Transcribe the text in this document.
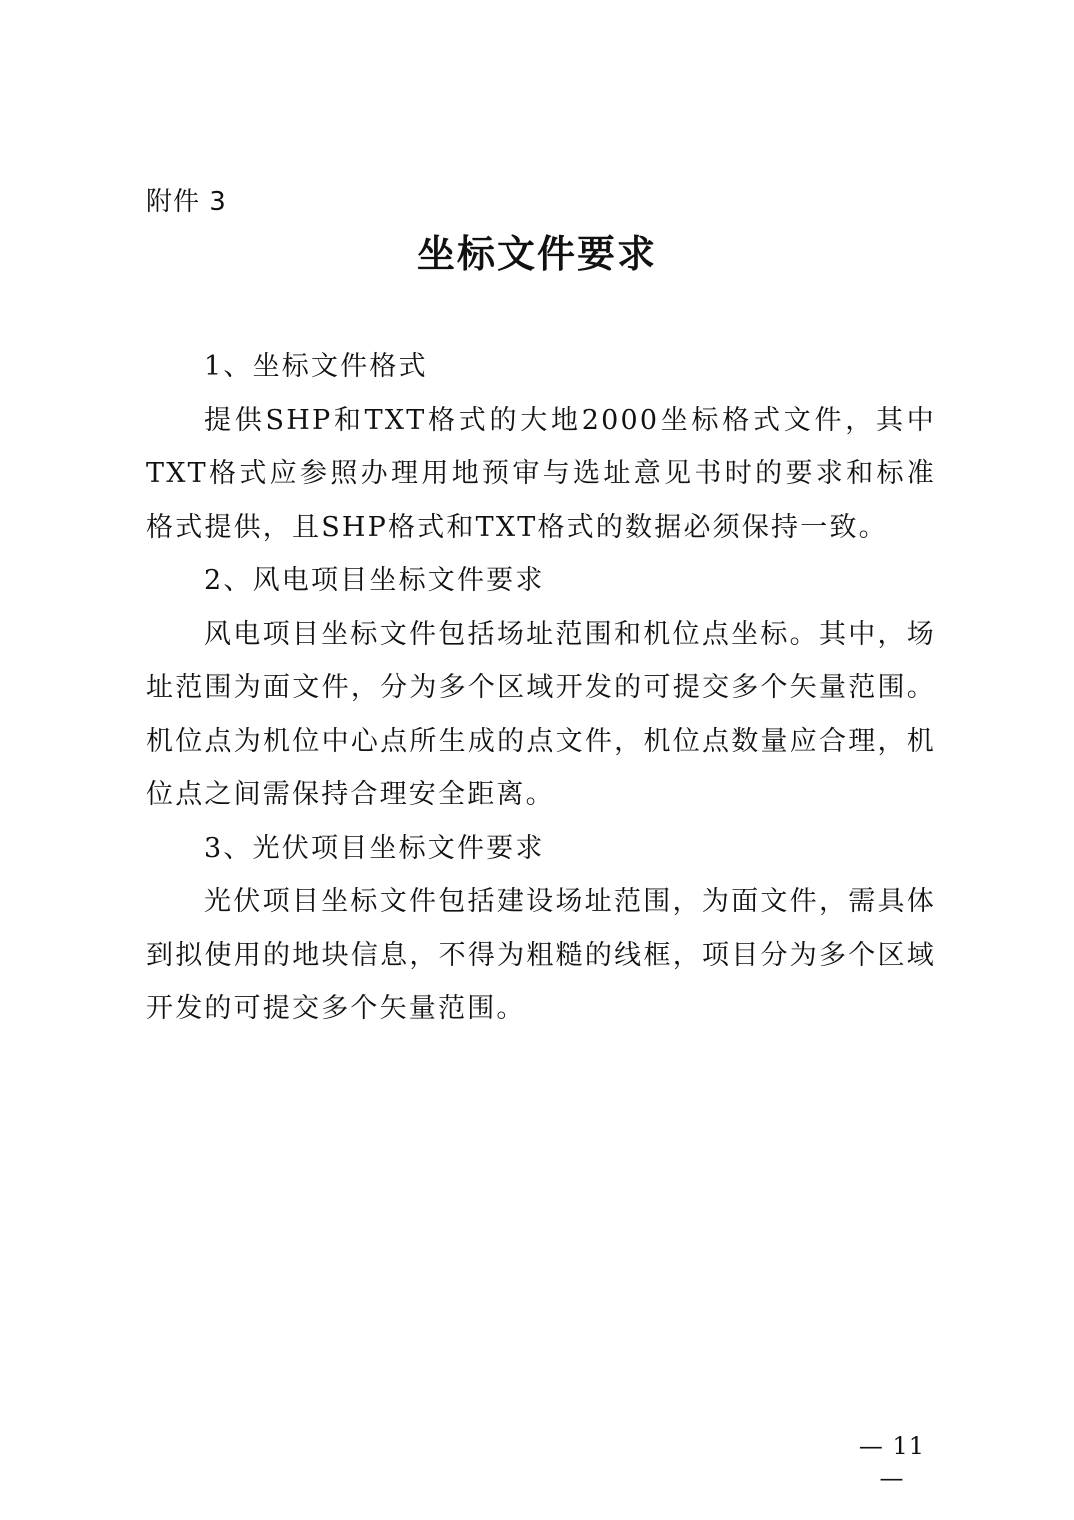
附件 3
坐标文件要求

1、坐标文件格式

提供SHP和TXT格式的大地2000坐标格式文件，其中TXT格式应参照办理用地预审与选址意见书时的要求和标准格式提供，且SHP格式和TXT格式的数据必须保持一致。

2、风电项目坐标文件要求

风电项目坐标文件包括场址范围和机位点坐标。其中，场址范围为面文件，分为多个区域开发的可提交多个矢量范围。机位点为机位中心点所生成的点文件，机位点数量应合理，机位点之间需保持合理安全距离。

3、光伏项目坐标文件要求

光伏项目坐标文件包括建设场址范围，为面文件，需具体到拟使用的地块信息，不得为粗糙的线框，项目分为多个区域开发的可提交多个矢量范围。

— 11 —
